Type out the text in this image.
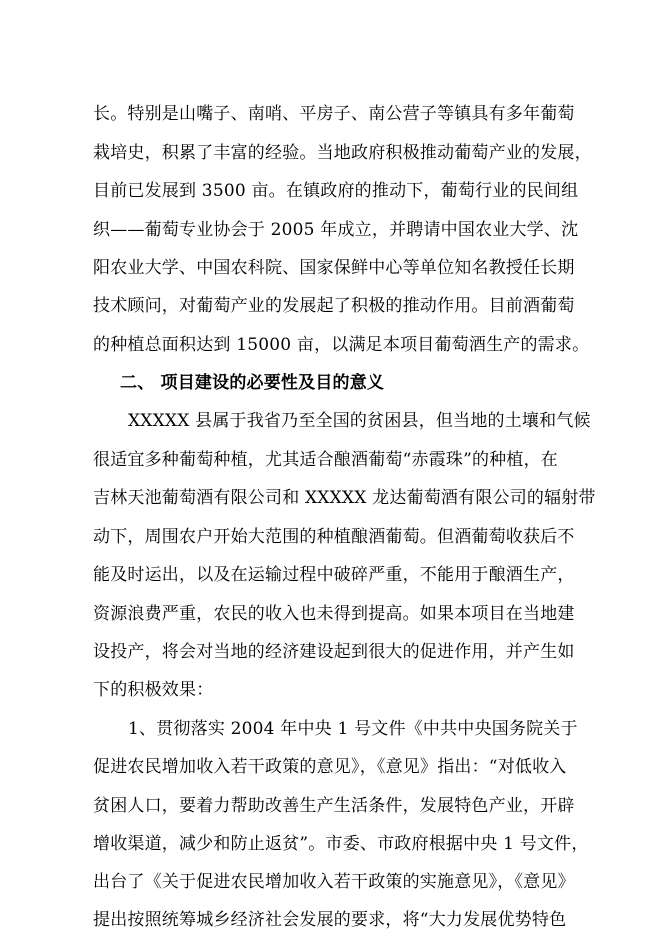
长。特别是山嘴子、南哨、平房子、南公营子等镇具有多年葡萄
栽培史，积累了丰富的经验。当地政府积极推动葡萄产业的发展，
目前已发展到 3500 亩。在镇政府的推动下，葡萄行业的民间组
织——葡萄专业协会于 2005 年成立，并聘请中国农业大学、沈
阳农业大学、中国农科院、国家保鲜中心等单位知名教授任长期
技术顾问，对葡萄产业的发展起了积极的推动作用。目前酒葡萄
的种植总面积达到 15000 亩，以满足本项目葡萄酒生产的需求。
二、 项目建设的必要性及目的意义
XXXXX 县属于我省乃至全国的贫困县，但当地的土壤和气候
很适宜多种葡萄种植，尤其适合酿酒葡萄“赤霞珠”的种植，在
吉林天池葡萄酒有限公司和 XXXXX 龙达葡萄酒有限公司的辐射带
动下，周围农户开始大范围的种植酿酒葡萄。但酒葡萄收获后不
能及时运出，以及在运输过程中破碎严重，不能用于酿酒生产，
资源浪费严重，农民的收入也未得到提高。如果本项目在当地建
设投产，将会对当地的经济建设起到很大的促进作用，并产生如
下的积极效果：
1、贯彻落实 2004 年中央 1 号文件《中共中央国务院关于
促进农民增加收入若干政策的意见》，《意见》指出：“对低收入
贫困人口，要着力帮助改善生产生活条件，发展特色产业，开辟
增收渠道，减少和防止返贫”。市委、市政府根据中央 1 号文件，
出台了《关于促进农民增加收入若干政策的实施意见》，《意见》
提出按照统筹城乡经济社会发展的要求，将“大力发展优势特色
